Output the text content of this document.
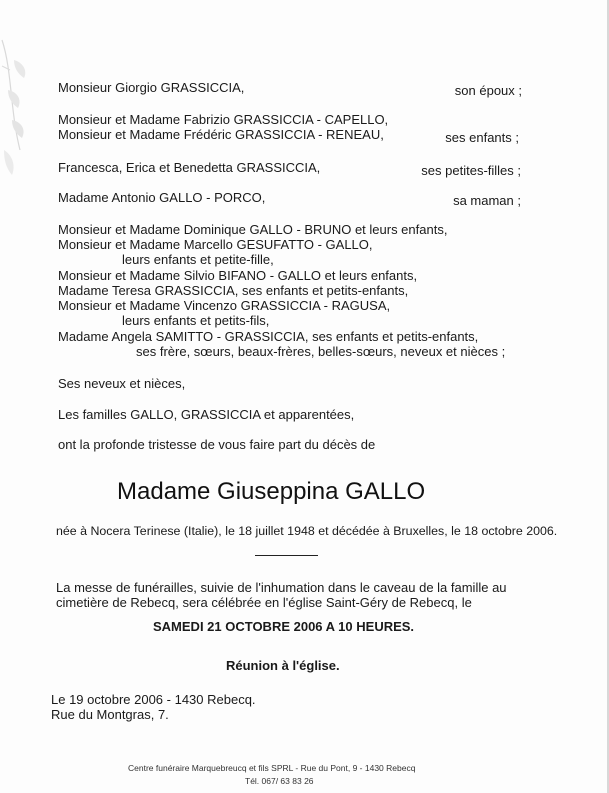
Monsieur Giorgio GRASSICCIA,	son époux ;
Monsieur et Madame Fabrizio GRASSICCIA - CAPELLO,
Monsieur et Madame Frédéric GRASSICCIA - RENEAU,	ses enfants ;
Francesca, Erica et Benedetta GRASSICCIA,	ses petites-filles ;
Madame Antonio GALLO - PORCO,	sa maman ;
Monsieur et Madame Dominique GALLO - BRUNO et leurs enfants,
Monsieur et Madame Marcello GESUFATTO - GALLO,
leurs enfants et petite-fille,
Monsieur et Madame Silvio BIFANO - GALLO et leurs enfants,
Madame Teresa GRASSICCIA, ses enfants et petits-enfants,
Monsieur et Madame Vincenzo GRASSICCIA - RAGUSA,
leurs enfants et petits-fils,
Madame Angela SAMITTO - GRASSICCIA, ses enfants et petits-enfants,
ses frère, sœurs, beaux-frères, belles-sœurs, neveux et nièces ;
Ses neveux et nièces,
Les familles GALLO, GRASSICCIA et apparentées,
ont la profonde tristesse de vous faire part du décès de
Madame Giuseppina GALLO
née à Nocera Terinese (Italie), le 18 juillet 1948 et décédée à Bruxelles, le 18 octobre 2006.
La messe de funérailles, suivie de l'inhumation dans le caveau de la famille au
cimetière de Rebecq, sera célébrée en l'église Saint-Géry de Rebecq, le
SAMEDI 21 OCTOBRE 2006 A 10 HEURES.
Réunion à l'église.
Le 19 octobre 2006 - 1430 Rebecq.
Rue du Montgras, 7.
Centre funéraire Marquebreucq et fils SPRL - Rue du Pont, 9 - 1430 Rebecq
Tél. 067/ 63 83 26
